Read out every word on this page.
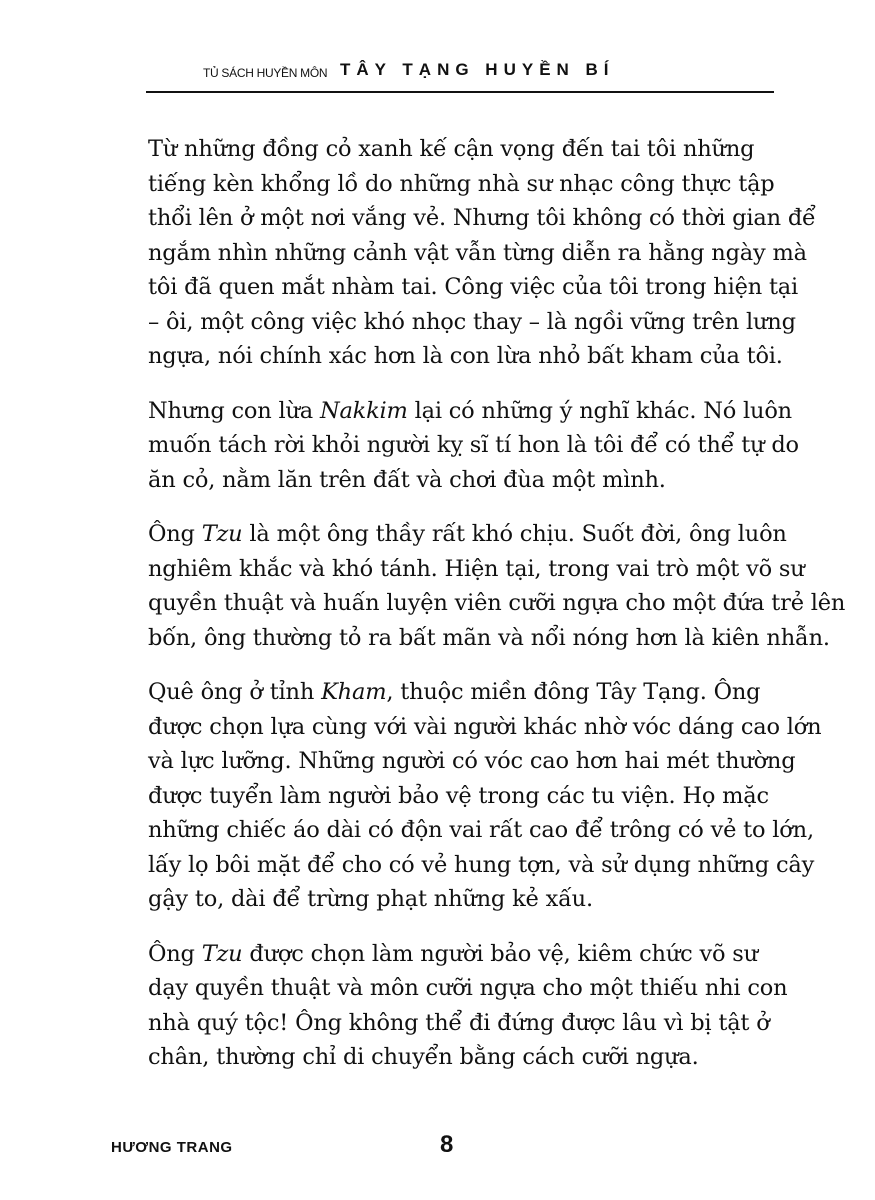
TỦ SÁCH HUYỀN MÔN TÂY TẠNG HUYỀN BÍ
Từ những đồng cỏ xanh kế cận vọng đến tai tôi những
tiếng kèn khổng lồ do những nhà sư nhạc công thực tập
thổi lên ở một nơi vắng vẻ. Nhưng tôi không có thời gian để
ngắm nhìn những cảnh vật vẫn từng diễn ra hằng ngày mà
tôi đã quen mắt nhàm tai. Công việc của tôi trong hiện tại
– ôi, một công việc khó nhọc thay – là ngồi vững trên lưng
ngựa, nói chính xác hơn là con lừa nhỏ bất kham của tôi.
Nhưng con lừa Nakkim lại có những ý nghĩ khác. Nó luôn
muốn tách rời khỏi người kỵ sĩ tí hon là tôi để có thể tự do
ăn cỏ, nằm lăn trên đất và chơi đùa một mình.
Ông Tzu là một ông thầy rất khó chịu. Suốt đời, ông luôn
nghiêm khắc và khó tánh. Hiện tại, trong vai trò một võ sư
quyền thuật và huấn luyện viên cưỡi ngựa cho một đứa trẻ lên
bốn, ông thường tỏ ra bất mãn và nổi nóng hơn là kiên nhẫn.
Quê ông ở tỉnh Kham, thuộc miền đông Tây Tạng. Ông
được chọn lựa cùng với vài người khác nhờ vóc dáng cao lớn
và lực lưỡng. Những người có vóc cao hơn hai mét thường
được tuyển làm người bảo vệ trong các tu viện. Họ mặc
những chiếc áo dài có độn vai rất cao để trông có vẻ to lớn,
lấy lọ bôi mặt để cho có vẻ hung tợn, và sử dụng những cây
gậy to, dài để trừng phạt những kẻ xấu.
Ông Tzu được chọn làm người bảo vệ, kiêm chức võ sư
dạy quyền thuật và môn cưỡi ngựa cho một thiếu nhi con
nhà quý tộc! Ông không thể đi đứng được lâu vì bị tật ở
chân, thường chỉ di chuyển bằng cách cưỡi ngựa.
HƯƠNG TRANG	8
